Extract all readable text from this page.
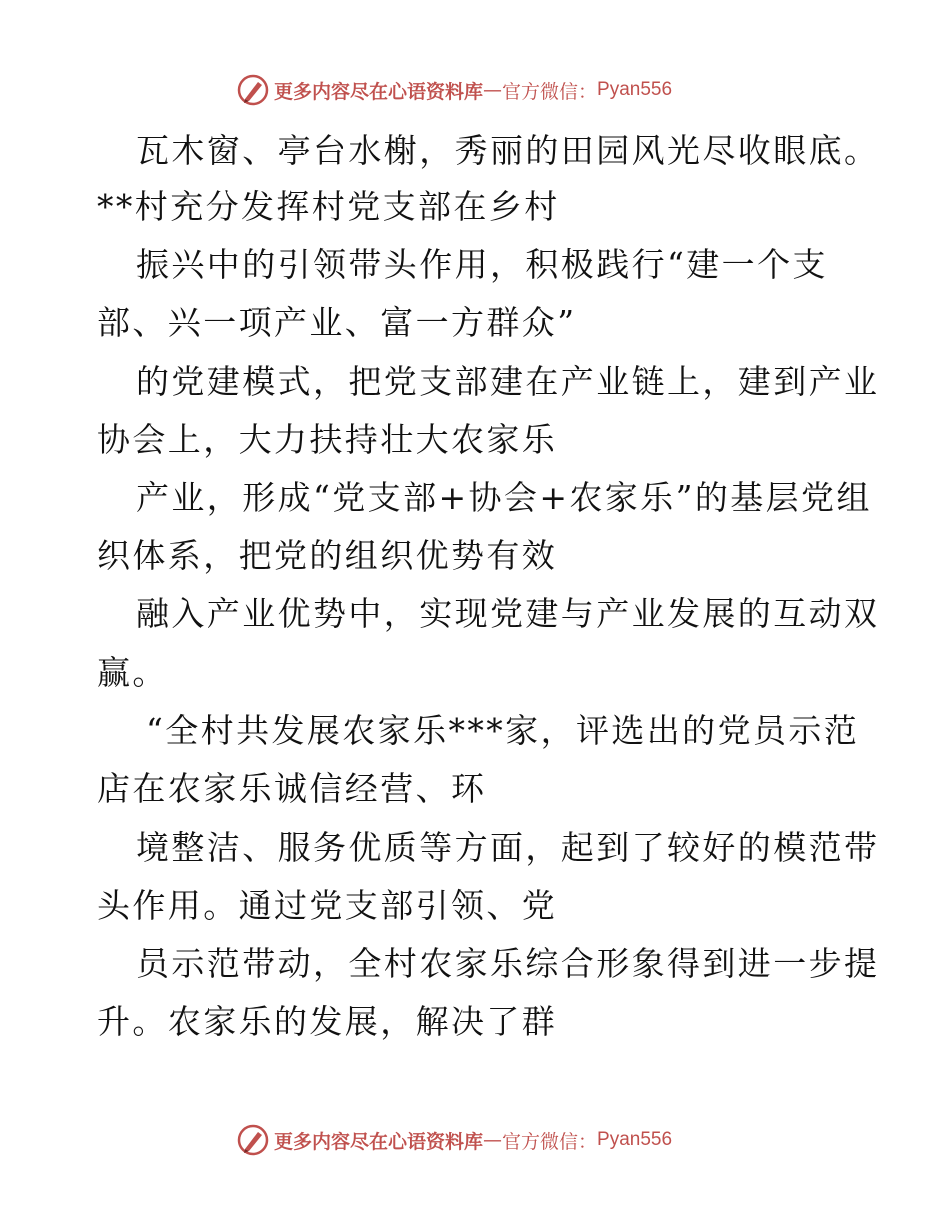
更多内容尽在心语资料库 — 官方微信： Pyan556
瓦木窗、亭台水榭，秀丽的田园风光尽收眼底。
**村充分发挥村党支部在乡村
振兴中的引领带头作用，积极践行“建一个支
部、兴一项产业、富一方群众”
的党建模式，把党支部建在产业链上，建到产业
协会上，大力扶持壮大农家乐
产业，形成“党支部+协会+农家乐”的基层党组
织体系，把党的组织优势有效
融入产业优势中，实现党建与产业发展的互动双
赢。
“全村共发展农家乐***家，评选出的党员示范
店在农家乐诚信经营、环
境整洁、服务优质等方面，起到了较好的模范带
头作用。通过党支部引领、党
员示范带动，全村农家乐综合形象得到进一步提
升。农家乐的发展，解决了群
更多内容尽在心语资料库 — 官方微信： Pyan556
